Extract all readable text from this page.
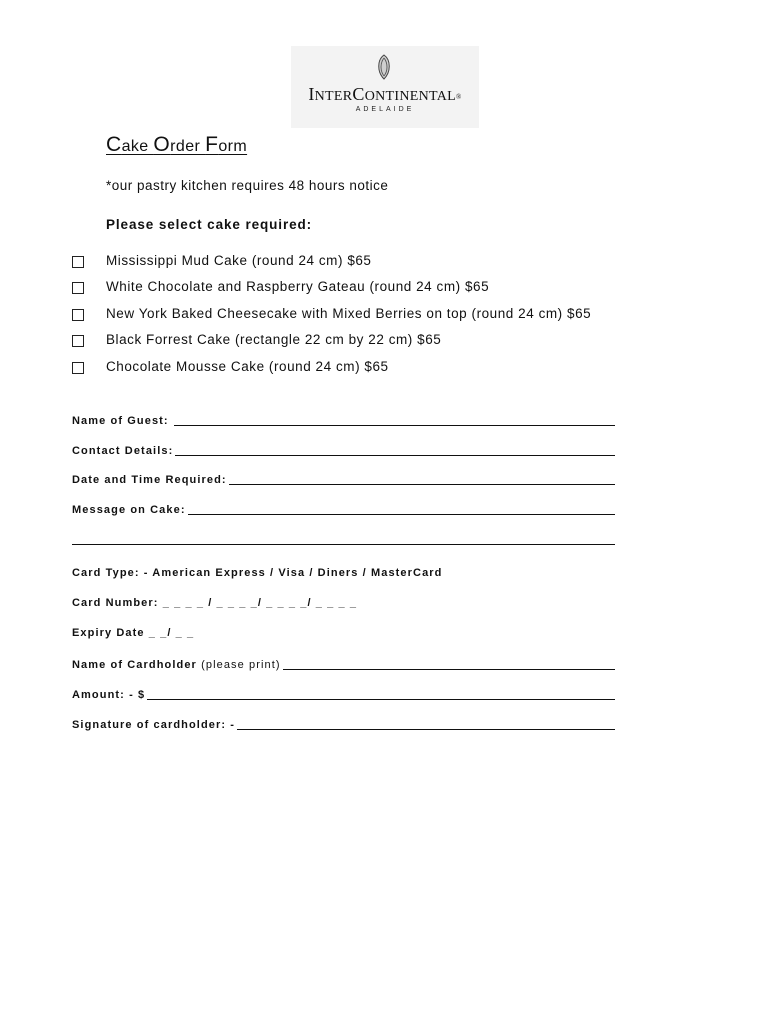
INTERCONTINENTAL®
ADELAIDE
Cake Order Form
*our pastry kitchen requires 48 hours notice
Please select cake required:
Mississippi Mud Cake (round 24 cm) $65
White Chocolate and Raspberry Gateau (round 24 cm) $65
New York Baked Cheesecake with Mixed Berries on top (round 24 cm) $65
Black Forrest Cake (rectangle 22 cm by 22 cm) $65
Chocolate Mousse Cake (round 24 cm) $65
Name of Guest:
Contact Details:
Date and Time Required:
Message on Cake:
Card Type: - American Express / Visa / Diners / MasterCard
Card Number: _ _ _ _ / _ _ _ _/ _ _ _ _/ _ _ _ _
Expiry Date _ _/ _ _
Name of Cardholder (please print)
Amount: - $
Signature of cardholder: -
